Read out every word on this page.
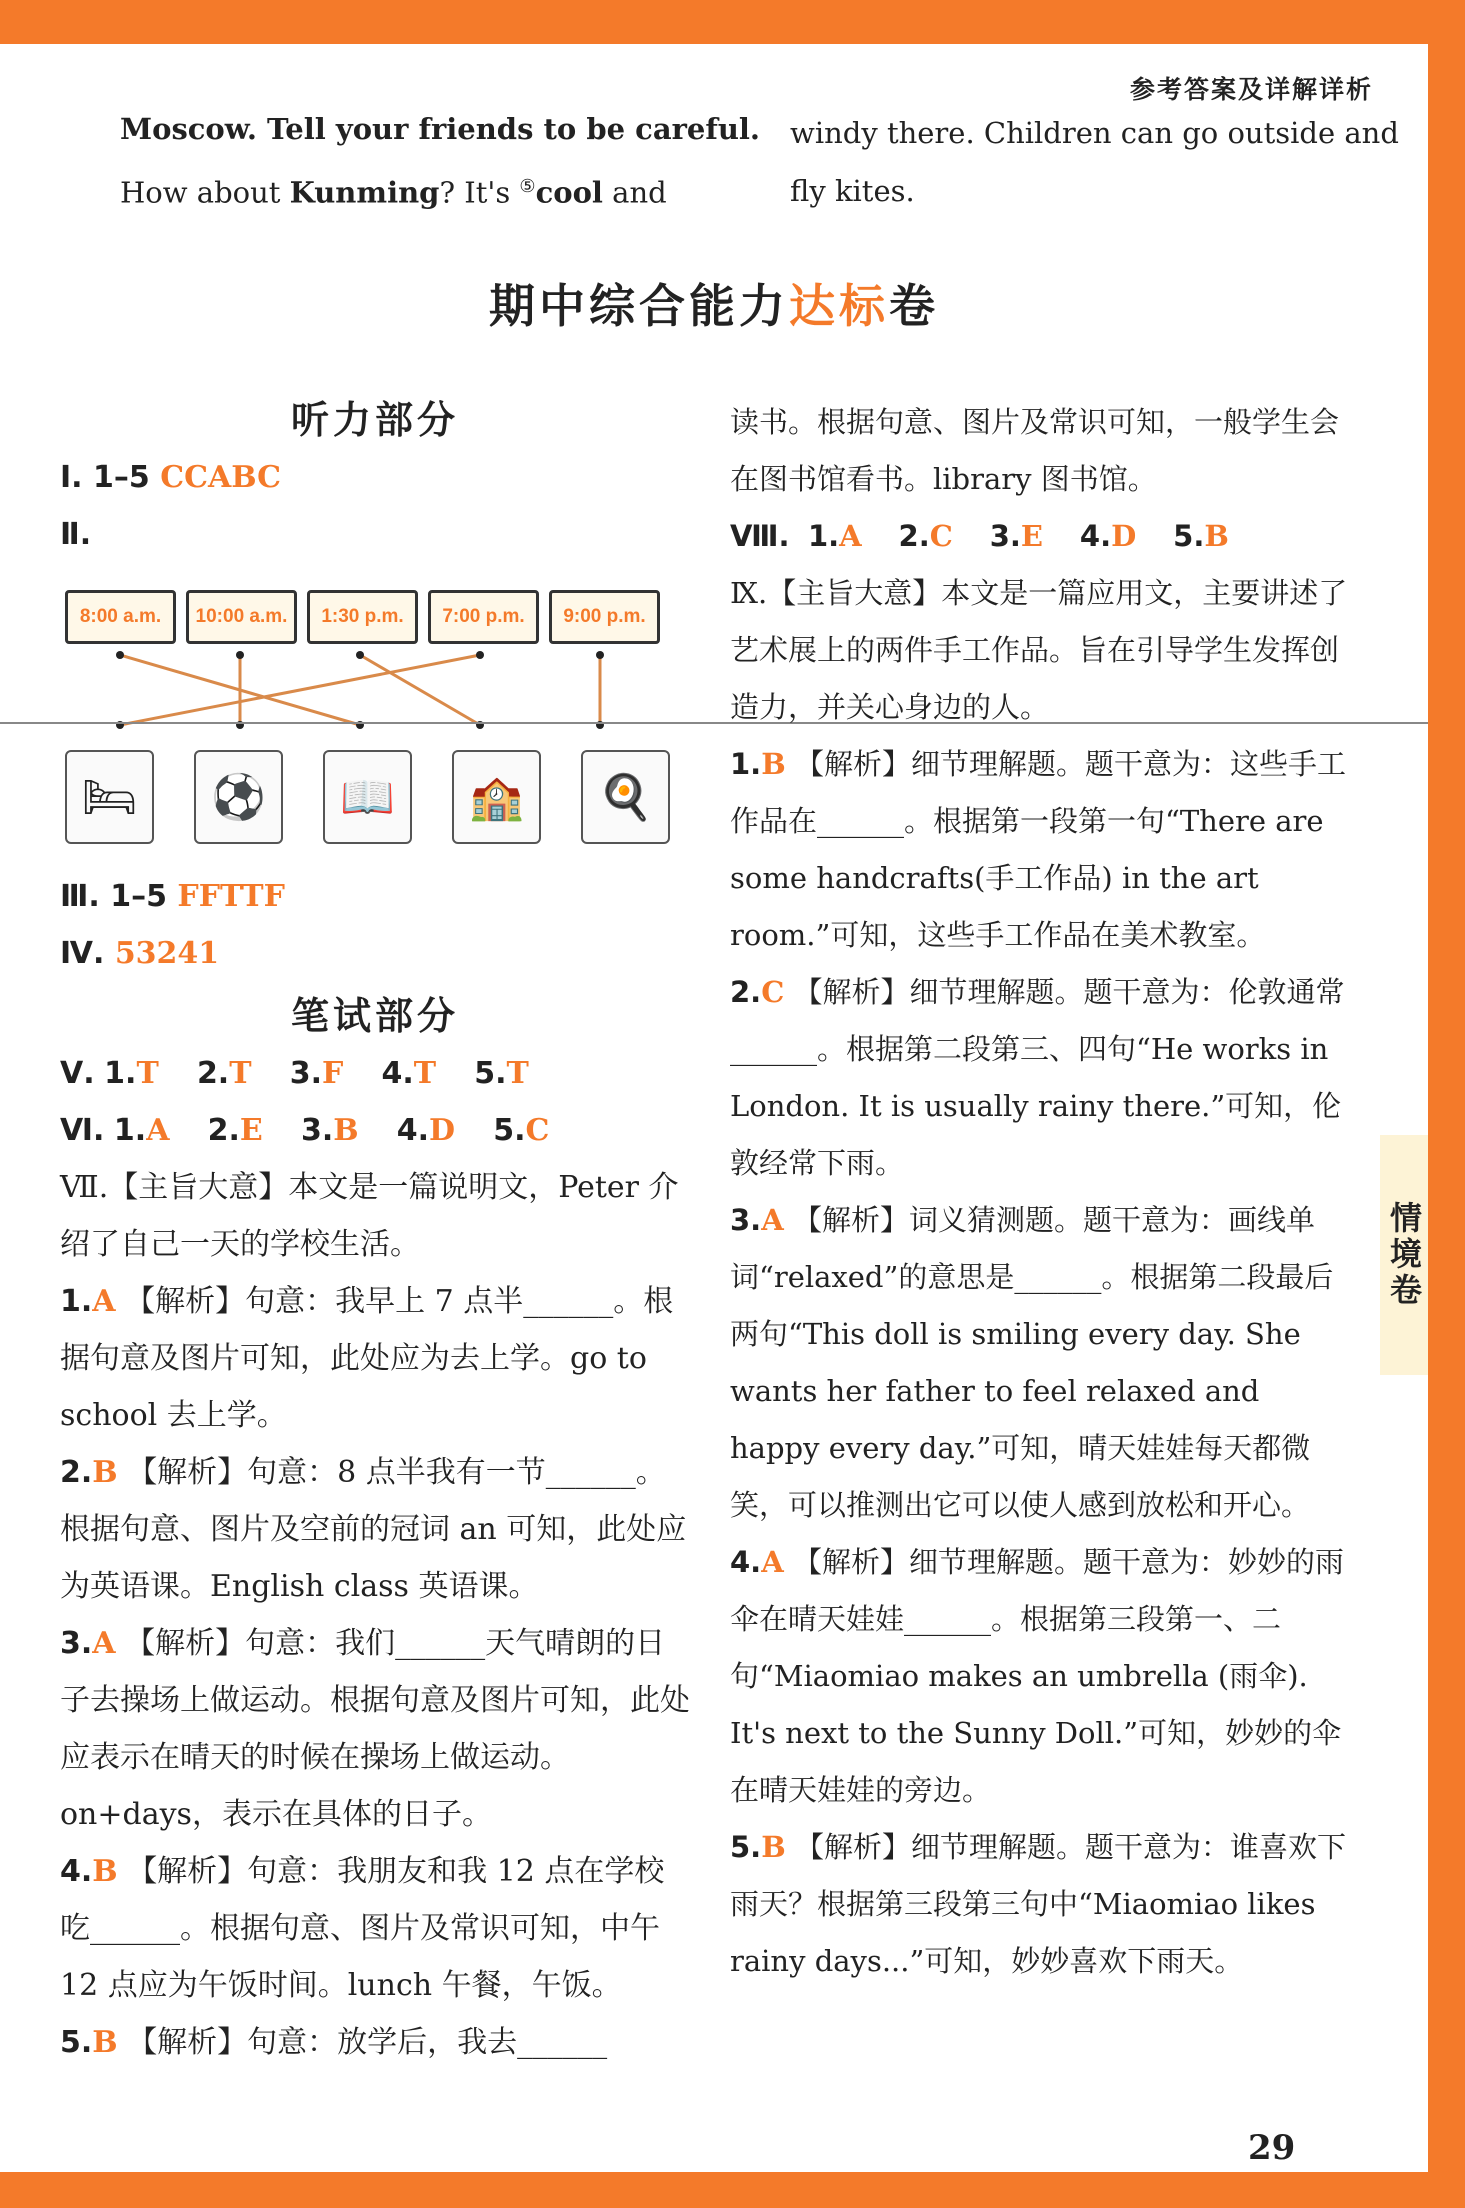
参考答案及详解详析
Moscow. Tell your friends to be careful.
How about Kunming? It's ⑤cool and
windy there. Children can go outside and
fly kites.
期中综合能力达标卷

听力部分

Ⅰ. 1–5 CCABC
Ⅱ.
8:00 a.m.	10:00 a.m.	1:30 p.m.	7:00 p.m.	9:00 p.m.
🛏	⚽	📖	🏫	🍳
Ⅲ. 1–5 FFTTF
Ⅳ. 53241

笔试部分

Ⅴ. 1.T 2.T 3.F 4.T 5.T
Ⅵ. 1.A 2.E 3.B 4.D 5.C
Ⅶ.【主旨大意】本文是一篇说明文，Peter 介绍了自己一天的学校生活。
1.A 【解析】句意：我早上 7 点半______。根据句意及图片可知，此处应为去上学。go to school 去上学。
2.B 【解析】句意：8 点半我有一节______。根据句意、图片及空前的冠词 an 可知，此处应为英语课。English class 英语课。
3.A 【解析】句意：我们______天气晴朗的日子去操场上做运动。根据句意及图片可知，此处应表示在晴天的时候在操场上做运动。on+days，表示在具体的日子。
4.B 【解析】句意：我朋友和我 12 点在学校吃______。根据句意、图片及常识可知，中午 12 点应为午饭时间。lunch 午餐，午饭。
5.B 【解析】句意：放学后，我去______
读书。根据句意、图片及常识可知，一般学生会在图书馆看书。library 图书馆。
Ⅷ. 1.A 2.C 3.E 4.D 5.B
Ⅸ.【主旨大意】本文是一篇应用文，主要讲述了艺术展上的两件手工作品。旨在引导学生发挥创造力，并关心身边的人。
1.B 【解析】细节理解题。题干意为：这些手工作品在______。根据第一段第一句“There are some handcrafts(手工作品) in the art room.”可知，这些手工作品在美术教室。
2.C 【解析】细节理解题。题干意为：伦敦通常______。根据第二段第三、四句“He works in London. It is usually rainy there.”可知，伦敦经常下雨。
3.A 【解析】词义猜测题。题干意为：画线单词“relaxed”的意思是______。根据第二段最后两句“This doll is smiling every day. She wants her father to feel relaxed and happy every day.”可知，晴天娃娃每天都微笑，可以推测出它可以使人感到放松和开心。
4.A 【解析】细节理解题。题干意为：妙妙的雨伞在晴天娃娃______。根据第三段第一、二句“Miaomiao makes an umbrella (雨伞). It's next to the Sunny Doll.”可知，妙妙的伞在晴天娃娃的旁边。
5.B 【解析】细节理解题。题干意为：谁喜欢下雨天？根据第三段第三句中“Miaomiao likes rainy days...”可知，妙妙喜欢下雨天。
情境卷
29
